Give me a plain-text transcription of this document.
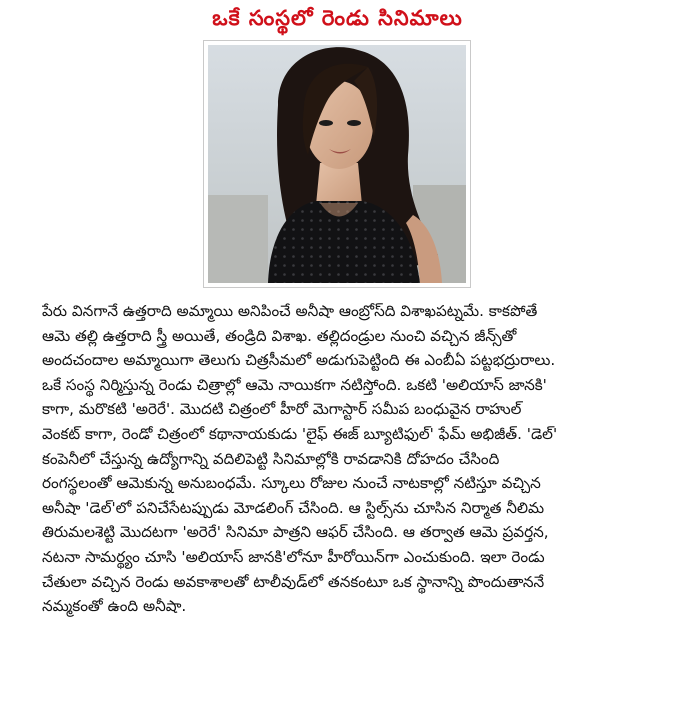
ఒకే సంస్థలో రెండు సినిమాలు

పేరు వినగానే ఉత్తరాది అమ్మాయి అనిపించే అనీషా ఆంబ్రోస్‌ది విశాఖపట్నమే. కాకపోతే
ఆమె తల్లి ఉత్తరాది స్త్రీ అయితే, తండ్రిది విశాఖ. తల్లిదండ్రుల నుంచి వచ్చిన జీన్స్‌తో
అందచందాల అమ్మాయిగా తెలుగు చిత్రసీమలో అడుగుపెట్టింది ఈ ఎంబీఏ పట్టభద్రురాలు.
ఒకే సంస్థ నిర్మిస్తున్న రెండు చిత్రాల్లో ఆమె నాయికగా నటిస్తోంది. ఒకటి 'అలియాస్ జానకి'
కాగా, మరొకటి 'అరెరే'. మొదటి చిత్రంలో హీరో మెగాస్టార్ సమీప బంధువైన రాహుల్
వెంకట్ కాగా, రెండో చిత్రంలో కథానాయకుడు 'లైఫ్ ఈజ్ బ్యూటిఫుల్' ఫేమ్ అభిజీత్. 'డెల్'
కంపెనీలో చేస్తున్న ఉద్యోగాన్ని వదిలిపెట్టి సినిమాల్లోకి రావడానికి దోహదం చేసింది
రంగస్థలంతో ఆమెకున్న అనుబంధమే. స్కూలు రోజుల నుంచే నాటకాల్లో నటిస్తూ వచ్చిన
అనీషా 'డెల్'లో పనిచేసేటప్పుడు మోడలింగ్ చేసింది. ఆ స్టిల్స్‌ను చూసిన నిర్మాత నీలిమ
తిరుమలశెట్టి మొదటగా 'అరెరే' సినిమా పాత్రని ఆఫర్ చేసింది. ఆ తర్వాత ఆమె ప్రవర్తన,
నటనా సామర్థ్యం చూసి 'అలియాస్ జానకి'లోనూ హీరోయిన్‌గా ఎంచుకుంది. ఇలా రెండు
చేతులా వచ్చిన రెండు అవకాశాలతో టాలీవుడ్‌లో తనకంటూ ఒక స్థానాన్ని పొందుతాననే
నమ్మకంతో ఉంది అనీషా.
